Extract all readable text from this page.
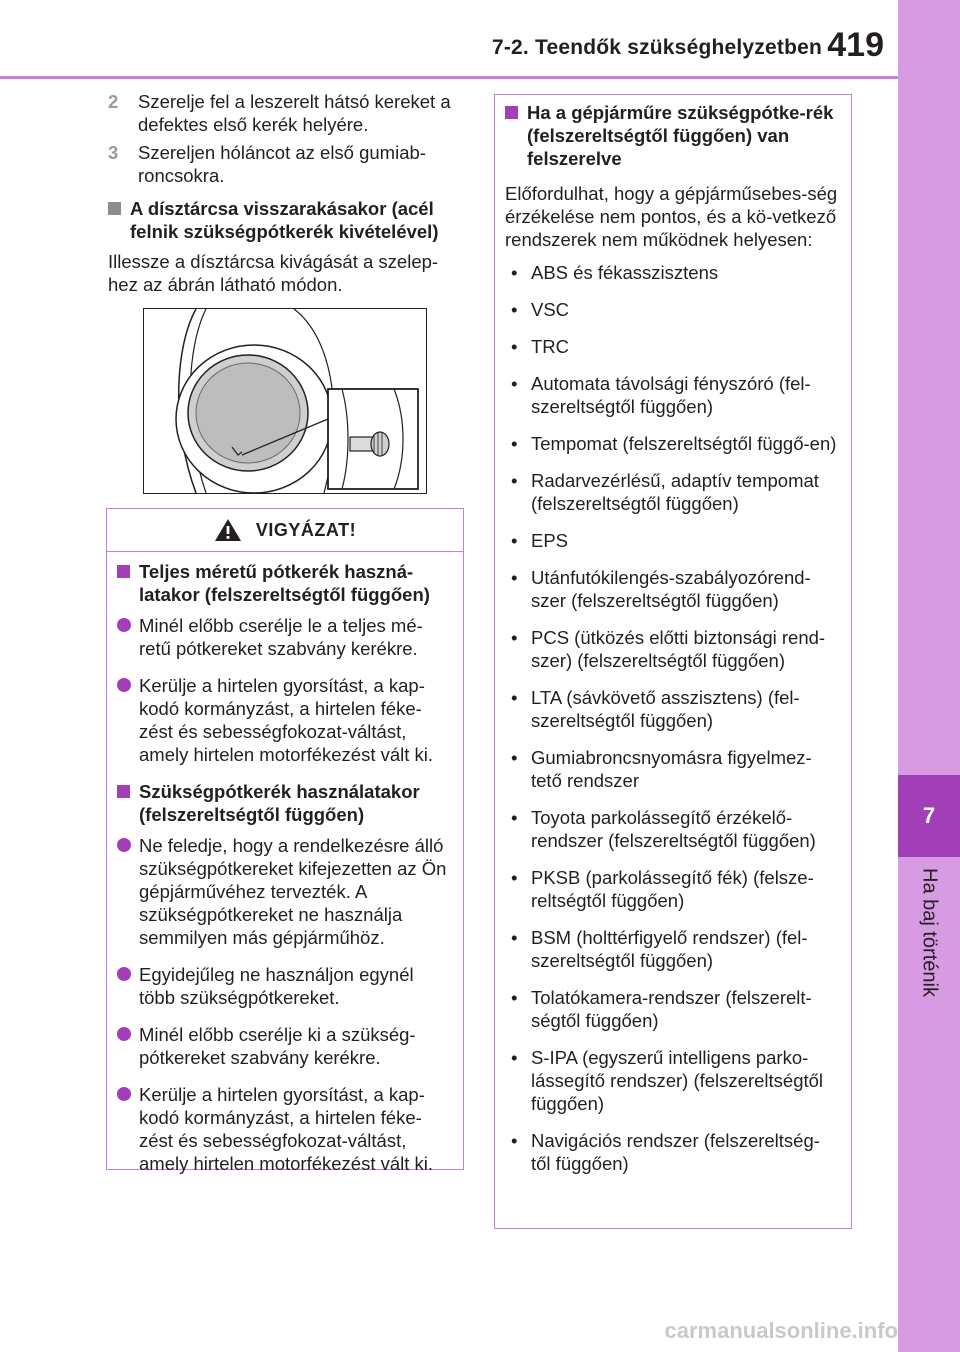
7-2. Teendők szükséghelyzetben 419
7
Ha baj történik
2 Szerelje fel a leszerelt hátsó kereket a defektes első kerék helyére.
3 Szereljen hóláncot az első gumiab-roncsokra.
A dísztárcsa visszarakásakor (acél felnik szükségpótkerék kivételével)

Illessze a dísztárcsa kivágását a szelep-hez az ábrán látható módon.

VIGYÁZAT!
Teljes méretű pótkerék haszná-latakor (felszereltségtől függően)
Minél előbb cserélje le a teljes mé-retű pótkereket szabvány kerékre.
Kerülje a hirtelen gyorsítást, a kap-kodó kormányzást, a hirtelen féke-zést és sebességfokozat-váltást, amely hirtelen motorfékezést vált ki.
Szükségpótkerék használatakor (felszereltségtől függően)
Ne feledje, hogy a rendelkezésre álló szükségpótkereket kifejezetten az Ön gépjárművéhez tervezték. A szükségpótkereket ne használja semmilyen más gépjárműhöz.
Egyidejűleg ne használjon egynél több szükségpótkereket.
Minél előbb cserélje ki a szükség-pótkereket szabvány kerékre.
Kerülje a hirtelen gyorsítást, a kap-kodó kormányzást, a hirtelen féke-zést és sebességfokozat-váltást, amely hirtelen motorfékezést vált ki.
Ha a gépjárműre szükségpótke-rék (felszereltségtől függően) van felszerelve

Előfordulhat, hogy a gépjárműsebes-ség érzékelése nem pontos, és a kö-vetkező rendszerek nem működnek helyesen:

• ABS és fékasszisztens
• VSC
• TRC
• Automata távolsági fényszóró (fel-szereltségtől függően)
• Tempomat (felszereltségtől függő-en)
• Radarvezérlésű, adaptív tempomat (felszereltségtől függően)
• EPS
• Utánfutókilengés-szabályozórend-szer (felszereltségtől függően)
• PCS (ütközés előtti biztonsági rend-szer) (felszereltségtől függően)
• LTA (sávkövető asszisztens) (fel-szereltségtől függően)
• Gumiabroncsnyomásra figyelmez-tető rendszer
• Toyota parkolássegítő érzékelő-rendszer (felszereltségtől függően)
• PKSB (parkolássegítő fék) (felsze-reltségtől függően)
• BSM (holttérfigyelő rendszer) (fel-szereltségtől függően)
• Tolatókamera-rendszer (felszerelt-ségtől függően)
• S-IPA (egyszerű intelligens parko-lássegítő rendszer) (felszereltségtől függően)
• Navigációs rendszer (felszereltség-től függően)
carmanualsonline.info
